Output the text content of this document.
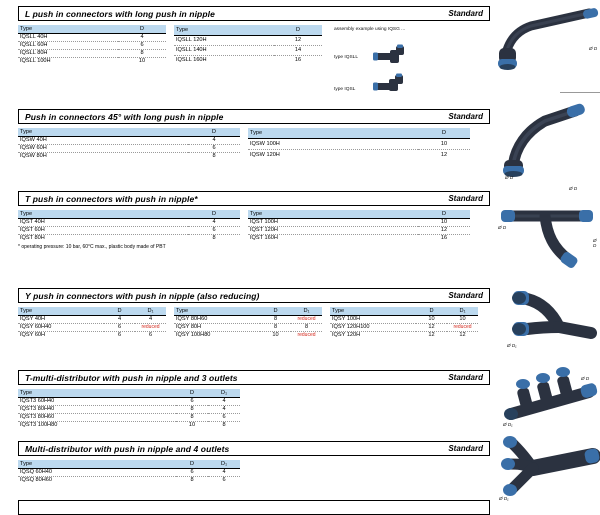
L push in connectors with long push in nipple	Standard
Type	D
IQSLL 40H	4
IQSLL 60H	6
IQSLL 80H	8
IQSLL 100H	10
Type	D
IQSLL 120H	12
IQSLL 140H	14
IQSLL 160H	16
assembly example using IQSG ...
type IQSLL
type IQSL
Push in connectors 45° with long push in nipple	Standard
Type	D
IQSW 40H	4
IQSW 60H	6
IQSW 80H	8
Type	D
IQSW 100H	10
IQSW 120H	12
T push in connectors with push in nipple*	Standard
Type	D
IQST 40H	4
IQST 60H	6
IQST 80H	8
Type	D
IQST 100H	10
IQST 120H	12
IQST 160H	16
* operating pressure: 10 bar, 60°C max., plastic body made of PBT
Y push in connectors with push in nipple (also reducing)	Standard
Type	D	D₁	
IQSY 40H	4	4	
IQSY 60H40	6	reduced	
IQSY 60H	6	6	
Type	D	D₁	
IQSY 80H60	8	reduced	
IQSY 80H	8	8	
IQSY 100H80	10	reduced	
Type	D	D₁	
IQSY 100H	10	10	
IQSY 120H100	12	reduced	
IQSY 120H	12	12	
T-multi-distributor with push in nipple and 3 outlets	Standard
Type	D	D₁
IQST3 60H40	6	4
IQST3 80H40	8	4
IQST3 80H60	8	6
IQST3 100H80	10	8
Multi-distributor with push in nipple and 4 outlets	Standard
Type	D	D₁
IQSQ 60H40	6	4
IQSQ 80H60	8	6
Ø D
Ø D
Ø D
Ø D
Ø D
Ø D₁
Ø D
Ø D₁
Ø D₁
